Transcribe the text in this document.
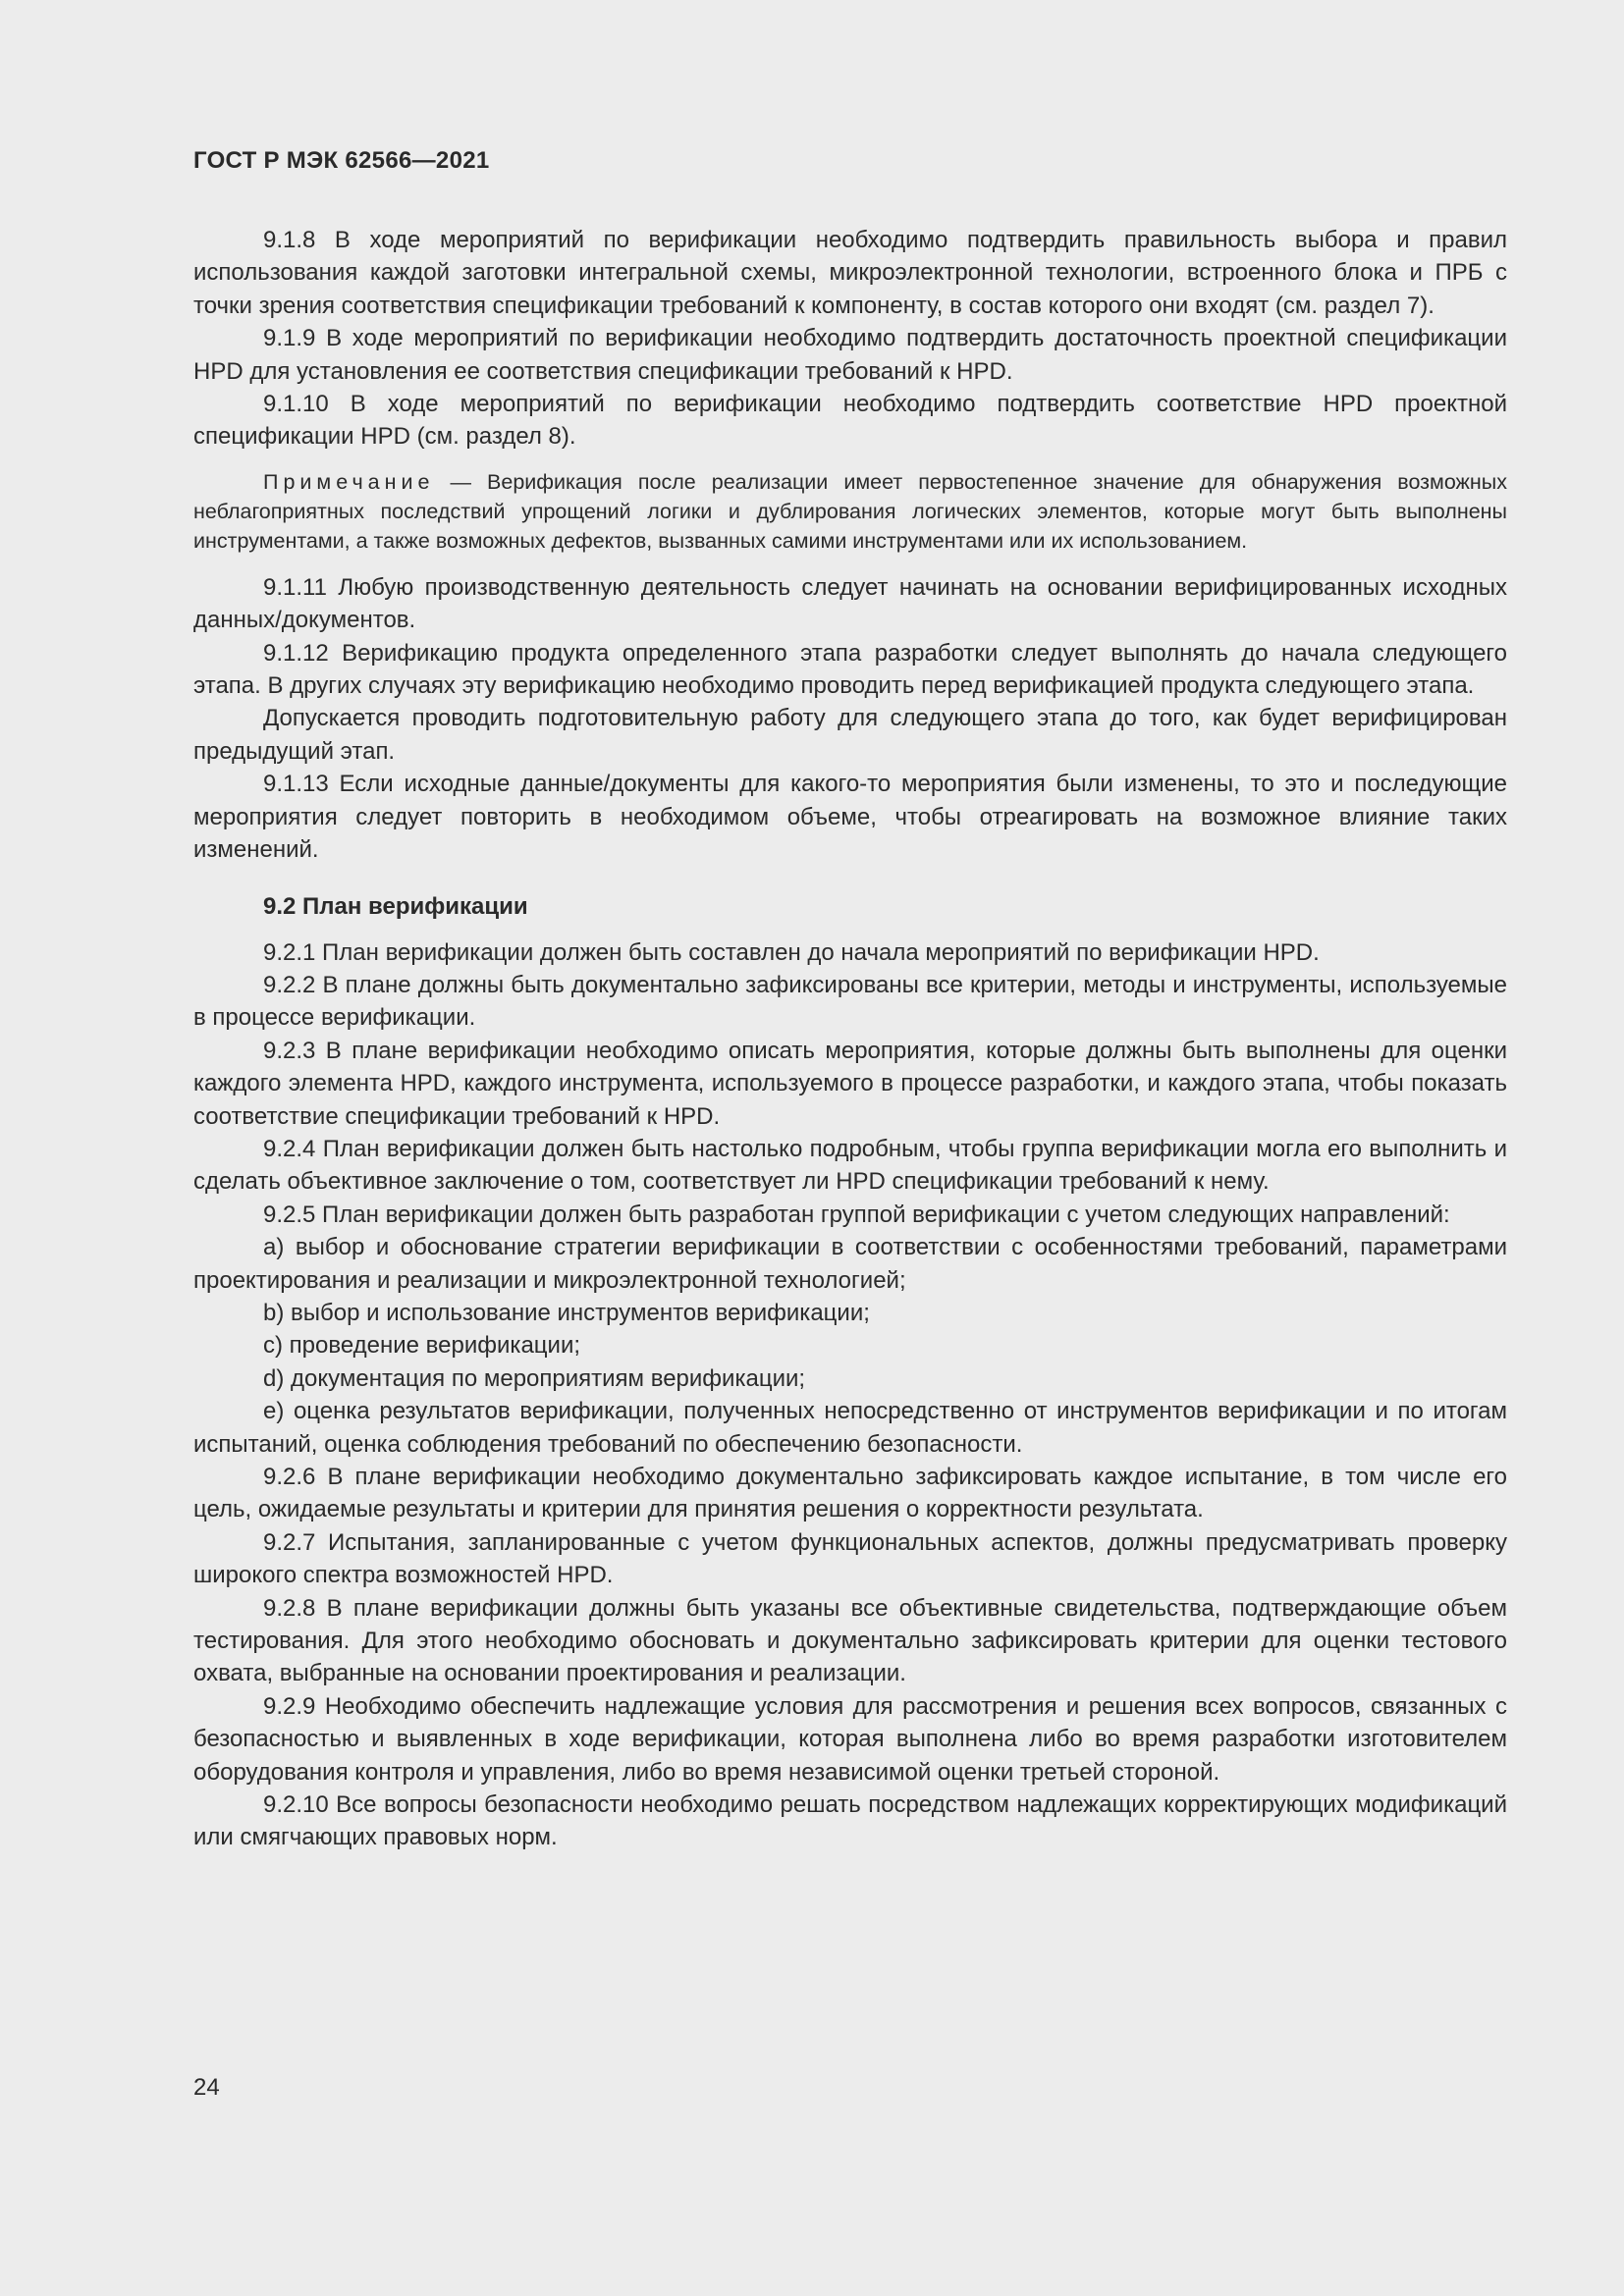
ГОСТ Р МЭК 62566—2021

9.1.8 В ходе мероприятий по верификации необходимо подтвердить правильность выбора и правил использования каждой заготовки интегральной схемы, микроэлектронной технологии, встроенного блока и ПРБ с точки зрения соответствия спецификации требований к компоненту, в состав которого они входят (см. раздел 7).

9.1.9 В ходе мероприятий по верификации необходимо подтвердить достаточность проектной спецификации HPD для установления ее соответствия спецификации требований к HPD.

9.1.10 В ходе мероприятий по верификации необходимо подтвердить соответствие HPD проектной спецификации HPD (см. раздел 8).

Примечание — Верификация после реализации имеет первостепенное значение для обнаружения возможных неблагоприятных последствий упрощений логики и дублирования логических элементов, которые могут быть выполнены инструментами, а также возможных дефектов, вызванных самими инструментами или их использованием.

9.1.11 Любую производственную деятельность следует начинать на основании верифицированных исходных данных/документов.

9.1.12 Верификацию продукта определенного этапа разработки следует выполнять до начала следующего этапа. В других случаях эту верификацию необходимо проводить перед верификацией продукта следующего этапа.

Допускается проводить подготовительную работу для следующего этапа до того, как будет верифицирован предыдущий этап.

9.1.13 Если исходные данные/документы для какого-то мероприятия были изменены, то это и последующие мероприятия следует повторить в необходимом объеме, чтобы отреагировать на возможное влияние таких изменений.

9.2 План верификации

9.2.1 План верификации должен быть составлен до начала мероприятий по верификации HPD.

9.2.2 В плане должны быть документально зафиксированы все критерии, методы и инструменты, используемые в процессе верификации.

9.2.3 В плане верификации необходимо описать мероприятия, которые должны быть выполнены для оценки каждого элемента HPD, каждого инструмента, используемого в процессе разработки, и каждого этапа, чтобы показать соответствие спецификации требований к HPD.

9.2.4 План верификации должен быть настолько подробным, чтобы группа верификации могла его выполнить и сделать объективное заключение о том, соответствует ли HPD спецификации требований к нему.

9.2.5 План верификации должен быть разработан группой верификации с учетом следующих направлений:

а) выбор и обоснование стратегии верификации в соответствии с особенностями требований, параметрами проектирования и реализации и микроэлектронной технологией;

b) выбор и использование инструментов верификации;

c) проведение верификации;

d) документация по мероприятиям верификации;

e) оценка результатов верификации, полученных непосредственно от инструментов верификации и по итогам испытаний, оценка соблюдения требований по обеспечению безопасности.

9.2.6 В плане верификации необходимо документально зафиксировать каждое испытание, в том числе его цель, ожидаемые результаты и критерии для принятия решения о корректности результата.

9.2.7 Испытания, запланированные с учетом функциональных аспектов, должны предусматривать проверку широкого спектра возможностей HPD.

9.2.8 В плане верификации должны быть указаны все объективные свидетельства, подтверждающие объем тестирования. Для этого необходимо обосновать и документально зафиксировать критерии для оценки тестового охвата, выбранные на основании проектирования и реализации.

9.2.9 Необходимо обеспечить надлежащие условия для рассмотрения и решения всех вопросов, связанных с безопасностью и выявленных в ходе верификации, которая выполнена либо во время разработки изготовителем оборудования контроля и управления, либо во время независимой оценки третьей стороной.

9.2.10 Все вопросы безопасности необходимо решать посредством надлежащих корректирующих модификаций или смягчающих правовых норм.

24
